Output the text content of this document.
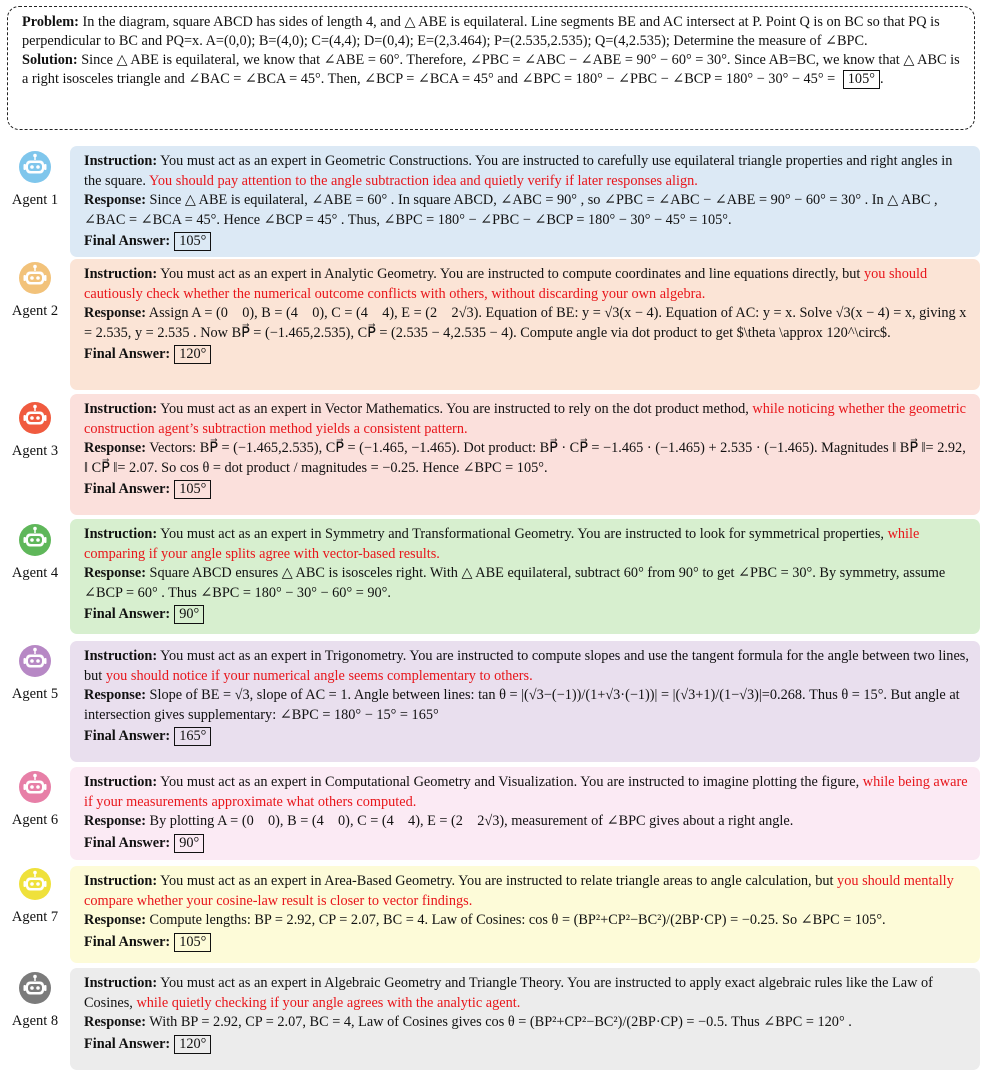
Problem: In the diagram, square ABCD has sides of length 4, and △ ABE is equilateral. Line segments BE and AC intersect at P. Point Q is on BC so that PQ is perpendicular to BC and PQ=x. A=(0,0); B=(4,0); C=(4,4); D=(0,4); E=(2,3.464); P=(2.535,2.535); Q=(4,2.535); Determine the measure of ∠BPC.
Solution: Since △ ABE is equilateral, we know that ∠ABE = 60°. Therefore, ∠PBC = ∠ABC − ∠ABE = 90° − 60° = 30°. Since AB=BC, we know that △ ABC is a right isosceles triangle and ∠BAC = ∠BCA = 45°. Then, ∠BCP = ∠BCA = 45° and ∠BPC = 180° − ∠PBC − ∠BCP = 180° − 30° − 45° = 105° .
Agent 1
Instruction: You must act as an expert in Geometric Constructions. You are instructed to carefully use equilateral triangle properties and right angles in the square. You should pay attention to the angle subtraction idea and quietly verify if later responses align.
Response: Since △ ABE is equilateral, ∠ABE = 60° . In square ABCD, ∠ABC = 90° , so ∠PBC = ∠ABC − ∠ABE = 90° − 60° = 30° . In △ ABC , ∠BAC = ∠BCA = 45°. Hence ∠BCP = 45° . Thus, ∠BPC = 180° − ∠PBC − ∠BCP = 180° − 30° − 45° = 105°.
Final Answer: 105°
Agent 2
Instruction: You must act as an expert in Analytic Geometry. You are instructed to compute coordinates and line equations directly, but you should cautiously check whether the numerical outcome conflicts with others, without discarding your own algebra.
Response: Assign A = (0 0), B = (4 0), C = (4 4), E = (2 2√3). Equation of BE: y = √3(x − 4). Equation of AC: y = x. Solve √3(x − 4) = x, giving x = 2.535, y = 2.535 . Now BP⃗ = (−1.465,2.535), CP⃗ = (2.535 − 4,2.535 − 4). Compute angle via dot product to get $\theta \approx 120^\circ$.
Final Answer: 120°
Agent 3
Instruction: You must act as an expert in Vector Mathematics. You are instructed to rely on the dot product method, while noticing whether the geometric construction agent’s subtraction method yields a consistent pattern.
Response: Vectors: BP⃗ = (−1.465,2.535), CP⃗ = (−1.465, −1.465). Dot product: BP⃗ · CP⃗ = −1.465 · (−1.465) + 2.535 · (−1.465). Magnitudes ‖ BP⃗ ‖= 2.92, ‖ CP⃗ ‖= 2.07. So cos θ = dot product / magnitudes = −0.25. Hence ∠BPC = 105°.
Final Answer: 105°
Agent 4
Instruction: You must act as an expert in Symmetry and Transformational Geometry. You are instructed to look for symmetrical properties, while comparing if your angle splits agree with vector-based results.
Response: Square ABCD ensures △ ABC is isosceles right. With △ ABE equilateral, subtract 60° from 90° to get ∠PBC = 30°. By symmetry, assume ∠BCP = 60° . Thus ∠BPC = 180° − 30° − 60° = 90°.
Final Answer: 90°
Agent 5
Instruction: You must act as an expert in Trigonometry. You are instructed to compute slopes and use the tangent formula for the angle between two lines, but you should notice if your numerical angle seems complementary to others.
Response: Slope of BE = √3, slope of AC = 1. Angle between lines: tan θ = |(√3−(−1))/(1+√3·(−1))| = |(√3+1)/(1−√3)|=0.268. Thus θ = 15°. But angle at intersection gives supplementary: ∠BPC = 180° − 15° = 165°
Final Answer: 165°
Agent 6
Instruction: You must act as an expert in Computational Geometry and Visualization. You are instructed to imagine plotting the figure, while being aware if your measurements approximate what others computed.
Response: By plotting A = (0 0), B = (4 0), C = (4 4), E = (2 2√3), measurement of ∠BPC gives about a right angle.
Final Answer: 90°
Agent 7
Instruction: You must act as an expert in Area-Based Geometry. You are instructed to relate triangle areas to angle calculation, but you should mentally compare whether your cosine-law result is closer to vector findings.
Response: Compute lengths: BP = 2.92, CP = 2.07, BC = 4. Law of Cosines: cos θ = (BP²+CP²−BC²)/(2BP·CP) = −0.25. So ∠BPC = 105°.
Final Answer: 105°
Agent 8
Instruction: You must act as an expert in Algebraic Geometry and Triangle Theory. You are instructed to apply exact algebraic rules like the Law of Cosines, while quietly checking if your angle agrees with the analytic agent.
Response: With BP = 2.92, CP = 2.07, BC = 4, Law of Cosines gives cos θ = (BP²+CP²−BC²)/(2BP·CP) = −0.5. Thus ∠BPC = 120° .
Final Answer: 120°
